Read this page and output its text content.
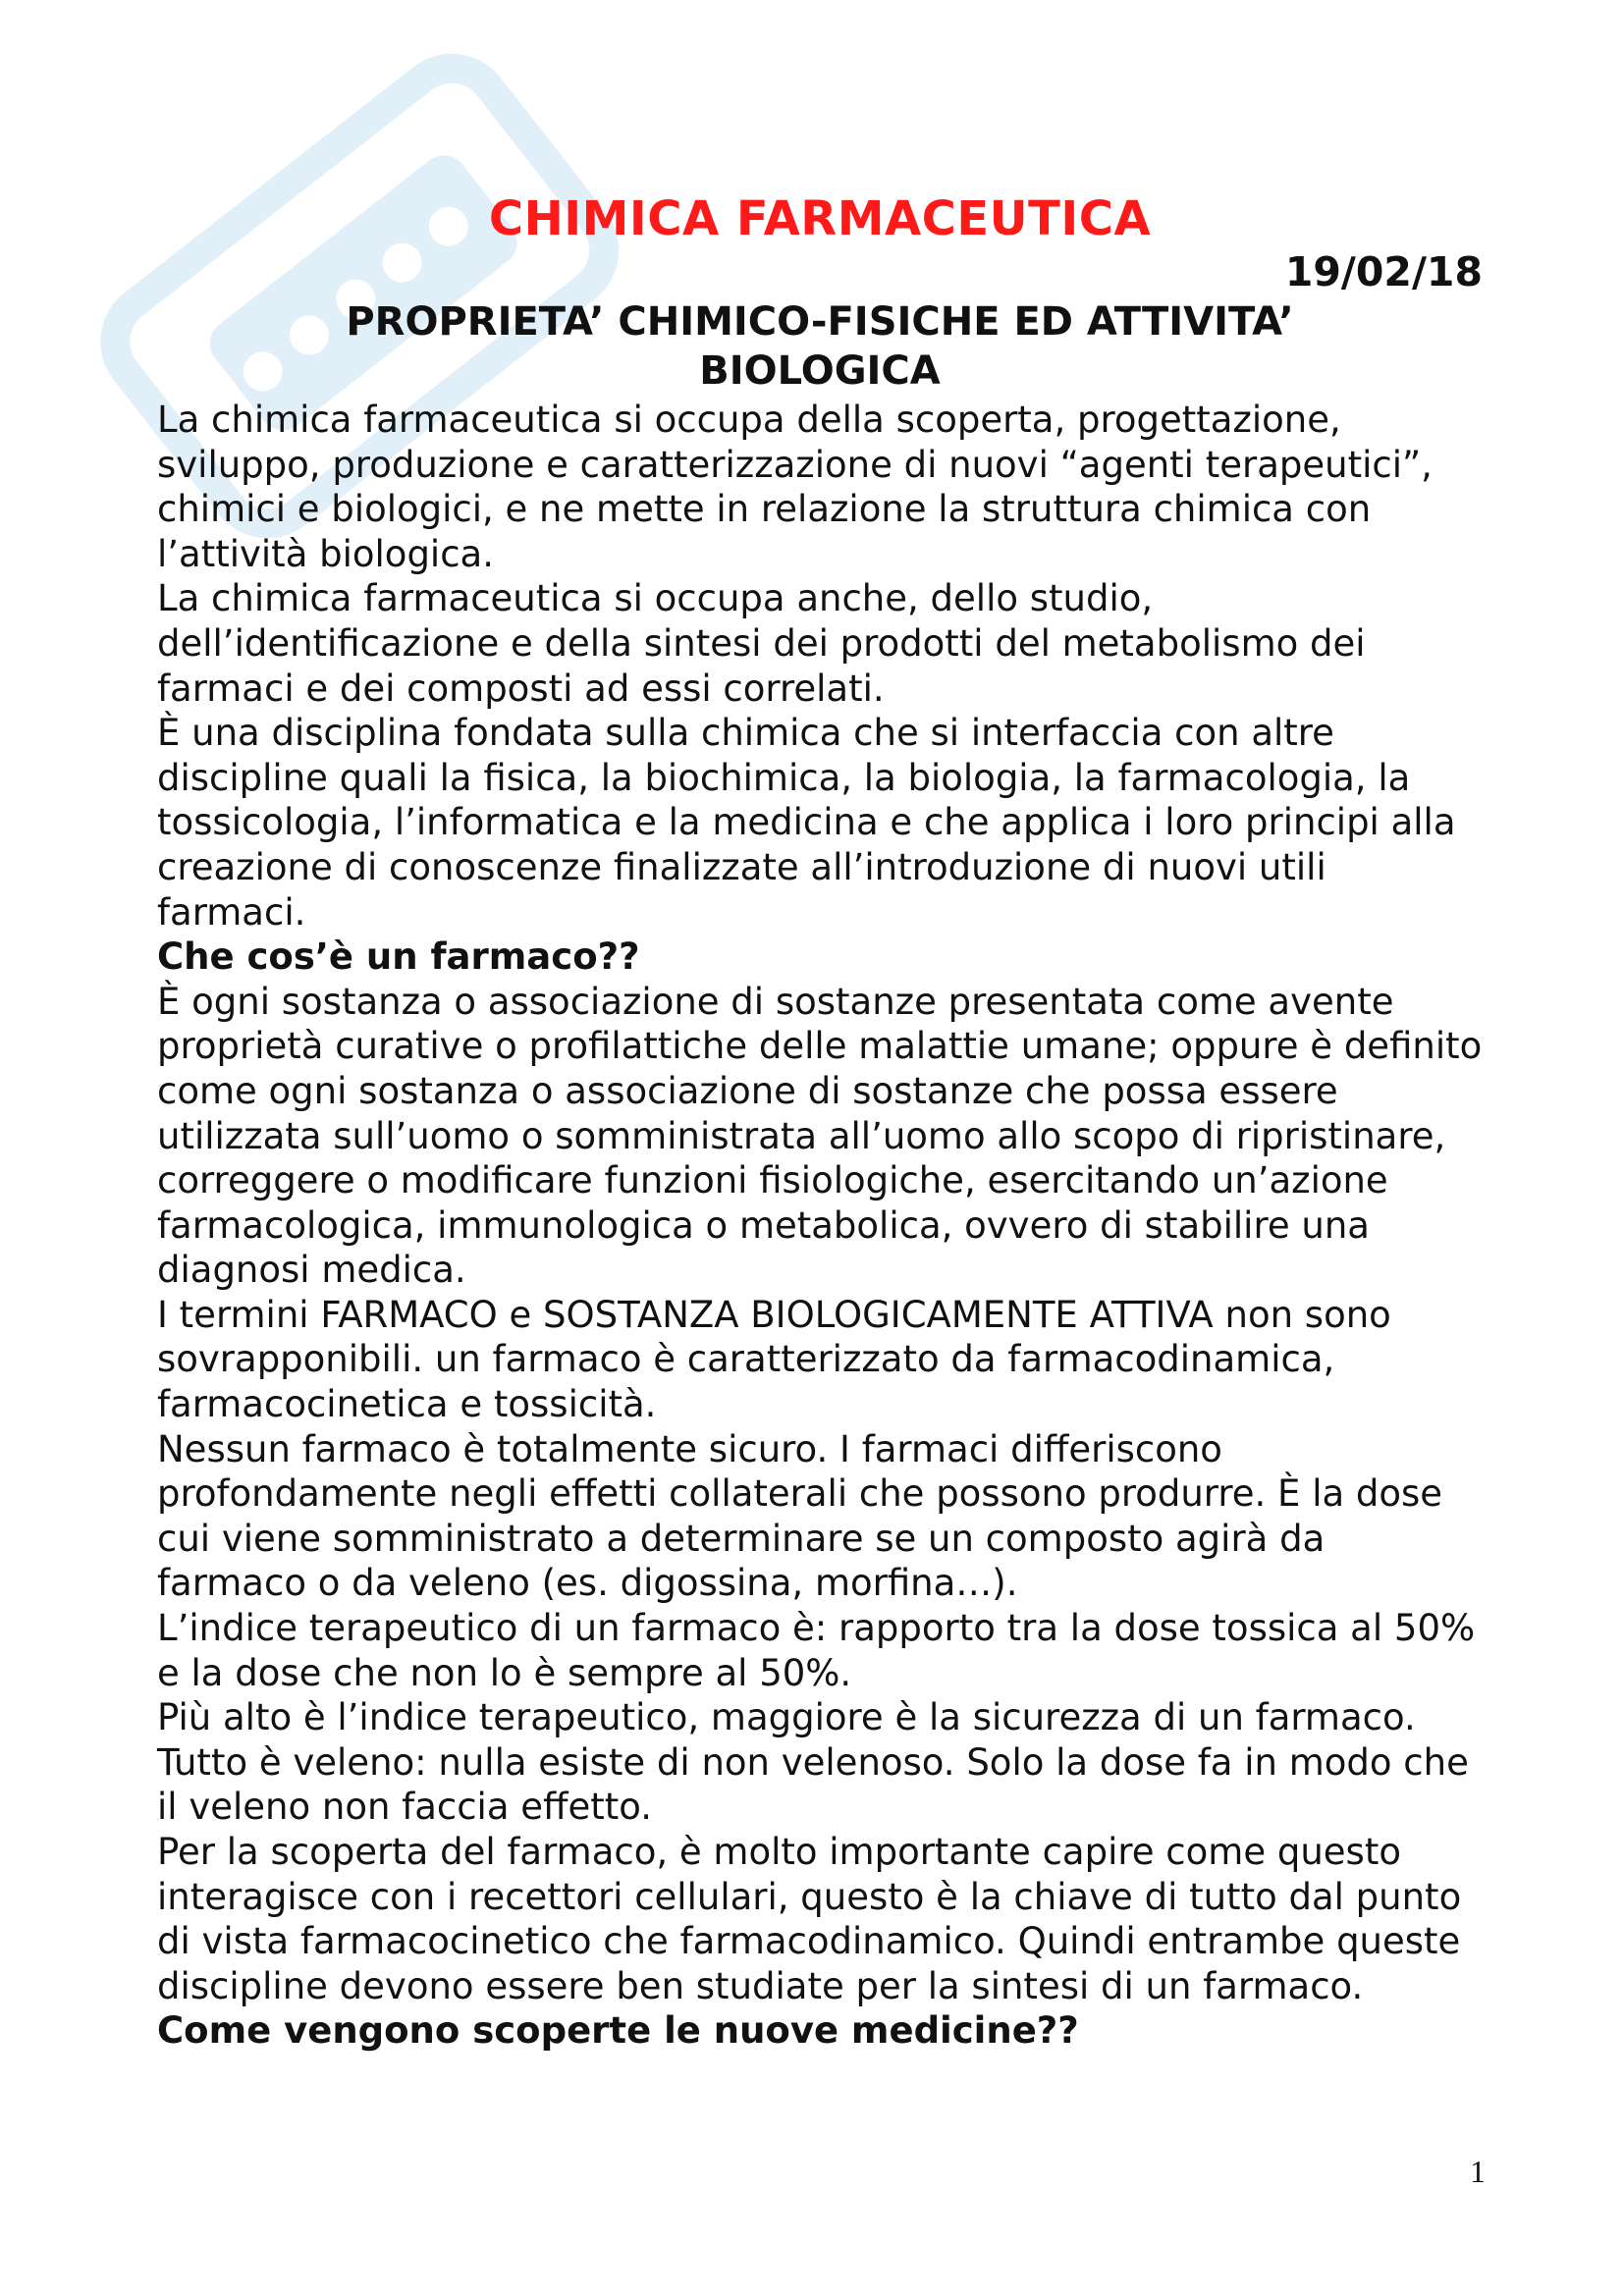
CHIMICA FARMACEUTICA
19/02/18
PROPRIETA’ CHIMICO-FISICHE ED ATTIVITA’ BIOLOGICA

La chimica farmaceutica si occupa della scoperta, progettazione, sviluppo, produzione e caratterizzazione di nuovi “agenti terapeutici”, chimici e biologici, e ne mette in relazione la struttura chimica con l’attività biologica.

La chimica farmaceutica si occupa anche, dello studio, dell’identificazione e della sintesi dei prodotti del metabolismo dei farmaci e dei composti ad essi correlati.

È una disciplina fondata sulla chimica che si interfaccia con altre discipline quali la fisica, la biochimica, la biologia, la farmacologia, la tossicologia, l’informatica e la medicina e che applica i loro principi alla creazione di conoscenze finalizzate all’introduzione di nuovi utili farmaci.

Che cos’è un farmaco??

È ogni sostanza o associazione di sostanze presentata come avente proprietà curative o profilattiche delle malattie umane; oppure è definito come ogni sostanza o associazione di sostanze che possa essere utilizzata sull’uomo o somministrata all’uomo allo scopo di ripristinare, correggere o modificare funzioni fisiologiche, esercitando un’azione farmacologica, immunologica o metabolica, ovvero di stabilire una diagnosi medica.

I termini FARMACO e SOSTANZA BIOLOGICAMENTE ATTIVA non sono sovrapponibili. un farmaco è caratterizzato da farmacodinamica, farmacocinetica e tossicità.

Nessun farmaco è totalmente sicuro. I farmaci differiscono profondamente negli effetti collaterali che possono produrre. È la dose cui viene somministrato a determinare se un composto agirà da farmaco o da veleno (es. digossina, morfina…).

L’indice terapeutico di un farmaco è: rapporto tra la dose tossica al 50% e la dose che non lo è sempre al 50%.

Più alto è l’indice terapeutico, maggiore è la sicurezza di un farmaco.

Tutto è veleno: nulla esiste di non velenoso. Solo la dose fa in modo che il veleno non faccia effetto.

Per la scoperta del farmaco, è molto importante capire come questo interagisce con i recettori cellulari, questo è la chiave di tutto dal punto di vista farmacocinetico che farmacodinamico. Quindi entrambe queste discipline devono essere ben studiate per la sintesi di un farmaco.

Come vengono scoperte le nuove medicine??

1
